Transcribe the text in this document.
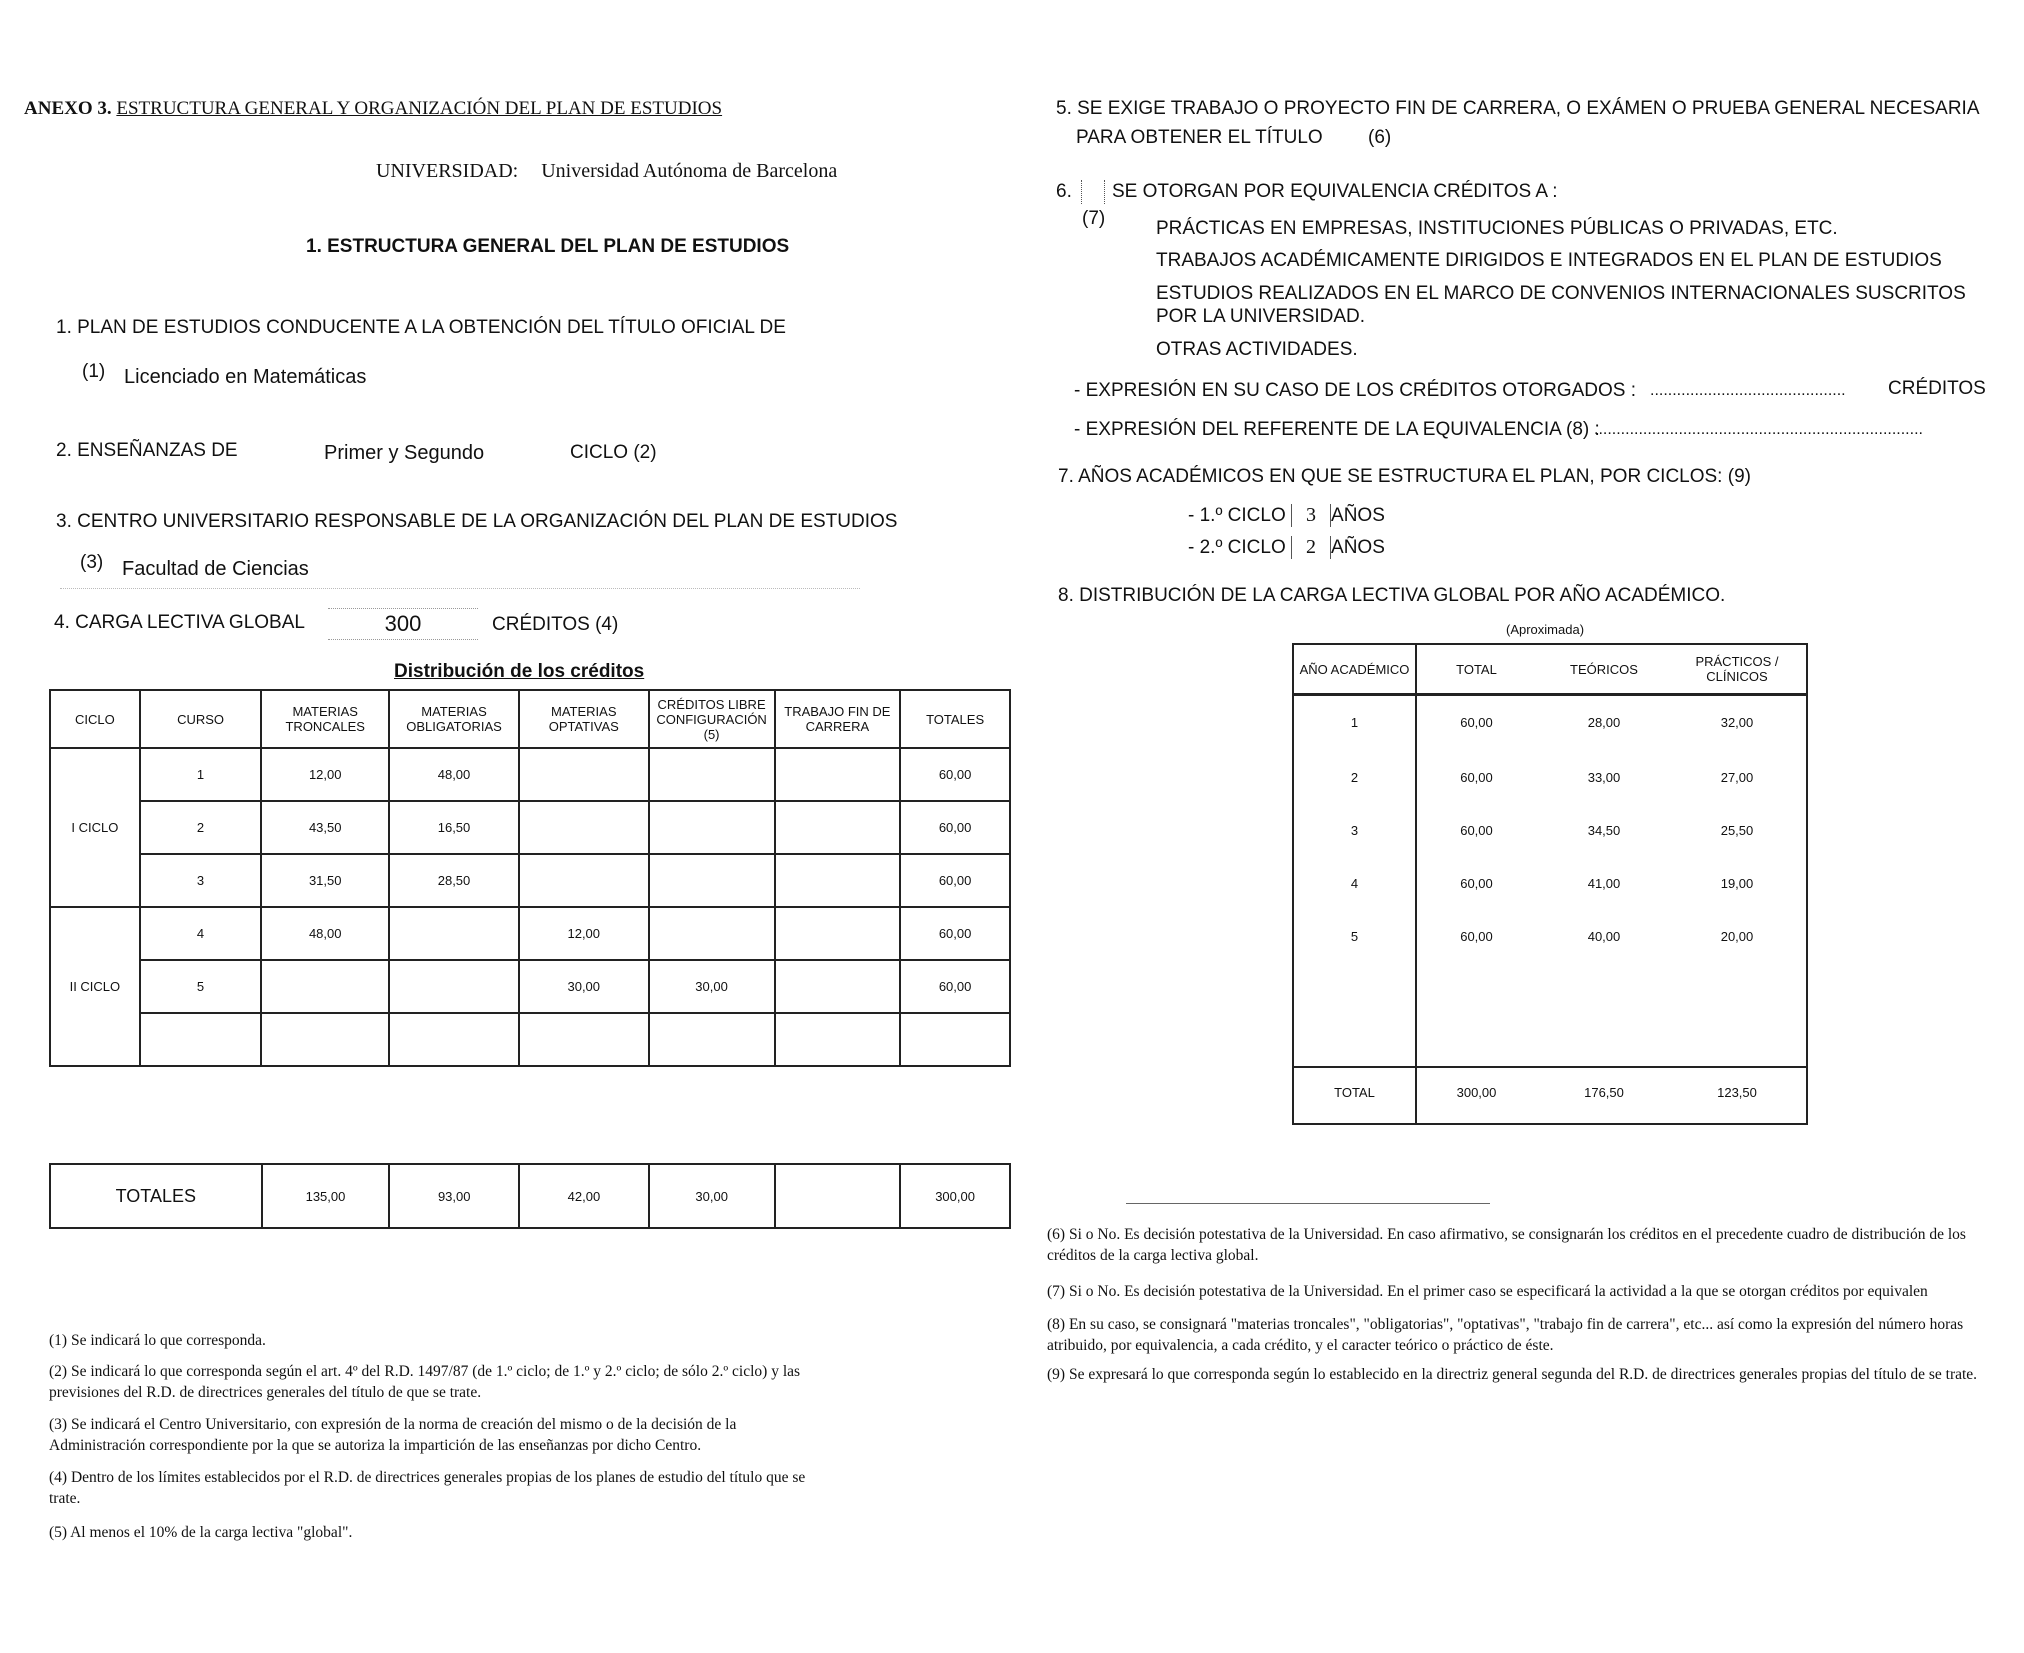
ANEXO 3. ESTRUCTURA GENERAL Y ORGANIZACIÓN DEL PLAN DE ESTUDIOS
UNIVERSIDAD: Universidad Autónoma de Barcelona
1. ESTRUCTURA GENERAL DEL PLAN DE ESTUDIOS
1. PLAN DE ESTUDIOS CONDUCENTE A LA OBTENCIÓN DEL TÍTULO OFICIAL DE
(1) Licenciado en Matemáticas
2. ENSEÑANZAS DE	Primer y Segundo	CICLO (2)
3. CENTRO UNIVERSITARIO RESPONSABLE DE LA ORGANIZACIÓN DEL PLAN DE ESTUDIOS
(3) Facultad de Ciencias
4. CARGA LECTIVA GLOBAL	300	CRÉDITOS (4)
Distribución de los créditos
CICLO	CURSO	MATERIAS TRONCALES	MATERIAS OBLIGATORIAS	MATERIAS OPTATIVAS	CRÉDITOS LIBRE CONFIGURACIÓN (5)	TRABAJO FIN DE CARRERA	TOTALES
I CICLO	1	12,00	48,00				60,00
	2	43,50	16,50				60,00
	3	31,50	28,50				60,00
II CICLO	4	48,00		12,00			60,00
	5			30,00	30,00		60,00

TOTALES	135,00	93,00	42,00	30,00		300,00
(1) Se indicará lo que corresponda.
(2) Se indicará lo que corresponda según el art. 4º del R.D. 1497/87 (de 1.º ciclo; de 1.º y 2.º ciclo; de sólo 2.º ciclo) y las previsiones del R.D. de directrices generales del título de que se trate.
(3) Se indicará el Centro Universitario, con expresión de la norma de creación del mismo o de la decisión de la Administración correspondiente por la que se autoriza la impartición de las enseñanzas por dicho Centro.
(4) Dentro de los límites establecidos por el R.D. de directrices generales propias de los planes de estudio del título que se trate.
(5) Al menos el 10% de la carga lectiva "global".
5. SE EXIGE TRABAJO O PROYECTO FIN DE CARRERA, O EXÁMEN O PRUEBA GENERAL NECESARIA
PARA OBTENER EL TÍTULO (6)
6. SE OTORGAN POR EQUIVALENCIA CRÉDITOS A :
(7)	PRÁCTICAS EN EMPRESAS, INSTITUCIONES PÚBLICAS O PRIVADAS, ETC.
TRABAJOS ACADÉMICAMENTE DIRIGIDOS E INTEGRADOS EN EL PLAN DE ESTUDIOS
ESTUDIOS REALIZADOS EN EL MARCO DE CONVENIOS INTERNACIONALES SUSCRITOS
POR LA UNIVERSIDAD.
OTRAS ACTIVIDADES.
- EXPRESIÓN EN SU CASO DE LOS CRÉDITOS OTORGADOS : ............................................ CRÉDITOS
- EXPRESIÓN DEL REFERENTE DE LA EQUIVALENCIA (8) :
..........................................................................
7. AÑOS ACADÉMICOS EN QUE SE ESTRUCTURA EL PLAN, POR CICLOS: (9)
- 1.º CICLO 3 AÑOS
- 2.º CICLO 2 AÑOS
8. DISTRIBUCIÓN DE LA CARGA LECTIVA GLOBAL POR AÑO ACADÉMICO.
(Aproximada)
AÑO ACADÉMICO	TOTAL	TEÓRICOS	PRÁCTICOS / CLÍNICOS
1	60,00	28,00	32,00
2	60,00	33,00	27,00
3	60,00	34,50	25,50
4	60,00	41,00	19,00
5	60,00	40,00	20,00

TOTAL	300,00	176,50	123,50
(6) Si o No. Es decisión potestativa de la Universidad. En caso afirmativo, se consignarán los créditos en el precedente cuadro de distribución de los créditos de la carga lectiva global.
(7) Si o No. Es decisión potestativa de la Universidad. En el primer caso se especificará la actividad a la que se otorgan créditos por equivalen
(8) En su caso, se consignará "materias troncales", "obligatorias", "optativas", "trabajo fin de carrera", etc... así como la expresión del número horas atribuido, por equivalencia, a cada crédito, y el caracter teórico o práctico de éste.
(9) Se expresará lo que corresponda según lo establecido en la directriz general segunda del R.D. de directrices generales propias del título de se trate.
